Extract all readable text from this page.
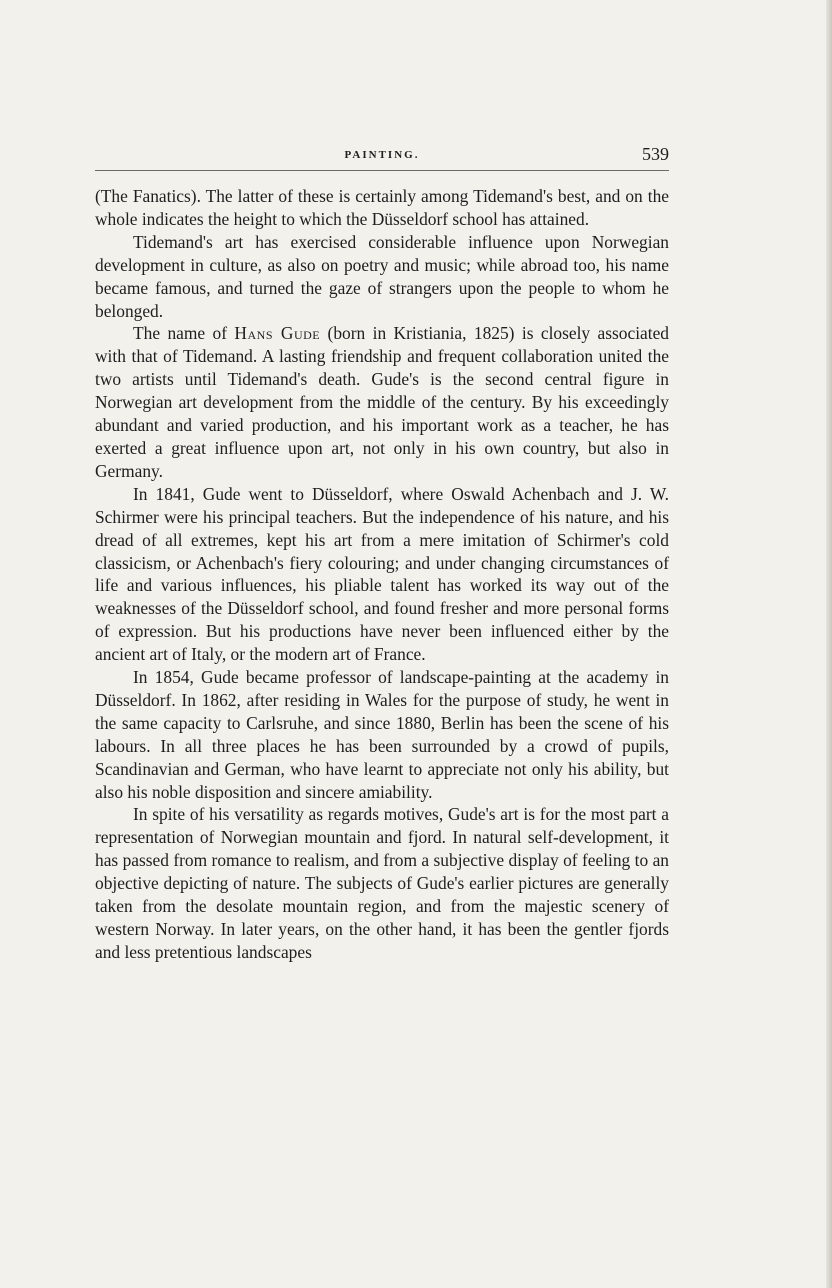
PAINTING.	539

(The Fanatics). The latter of these is certainly among Tidemand's best, and on the whole indicates the height to which the Düsseldorf school has attained.

Tidemand's art has exercised considerable influence upon Norwegian development in culture, as also on poetry and music; while abroad too, his name became famous, and turned the gaze of strangers upon the people to whom he belonged.

The name of Hans Gude (born in Kristiania, 1825) is closely associated with that of Tidemand. A lasting friendship and frequent collaboration united the two artists until Tidemand's death. Gude's is the second central figure in Norwegian art development from the middle of the century. By his exceedingly abundant and varied production, and his important work as a teacher, he has exerted a great influence upon art, not only in his own country, but also in Germany.

In 1841, Gude went to Düsseldorf, where Oswald Achenbach and J. W. Schirmer were his principal teachers. But the independence of his nature, and his dread of all extremes, kept his art from a mere imitation of Schirmer's cold classicism, or Achenbach's fiery colouring; and under changing circumstances of life and various influences, his pliable talent has worked its way out of the weaknesses of the Düsseldorf school, and found fresher and more personal forms of expression. But his productions have never been influenced either by the ancient art of Italy, or the modern art of France.

In 1854, Gude became professor of landscape-painting at the academy in Düsseldorf. In 1862, after residing in Wales for the purpose of study, he went in the same capacity to Carlsruhe, and since 1880, Berlin has been the scene of his labours. In all three places he has been surrounded by a crowd of pupils, Scandinavian and German, who have learnt to appreciate not only his ability, but also his noble disposition and sincere amiability.

In spite of his versatility as regards motives, Gude's art is for the most part a representation of Norwegian mountain and fjord. In natural self-development, it has passed from romance to realism, and from a subjective display of feeling to an objective depicting of nature. The subjects of Gude's earlier pictures are generally taken from the desolate mountain region, and from the majestic scenery of western Norway. In later years, on the other hand, it has been the gentler fjords and less pretentious landscapes
